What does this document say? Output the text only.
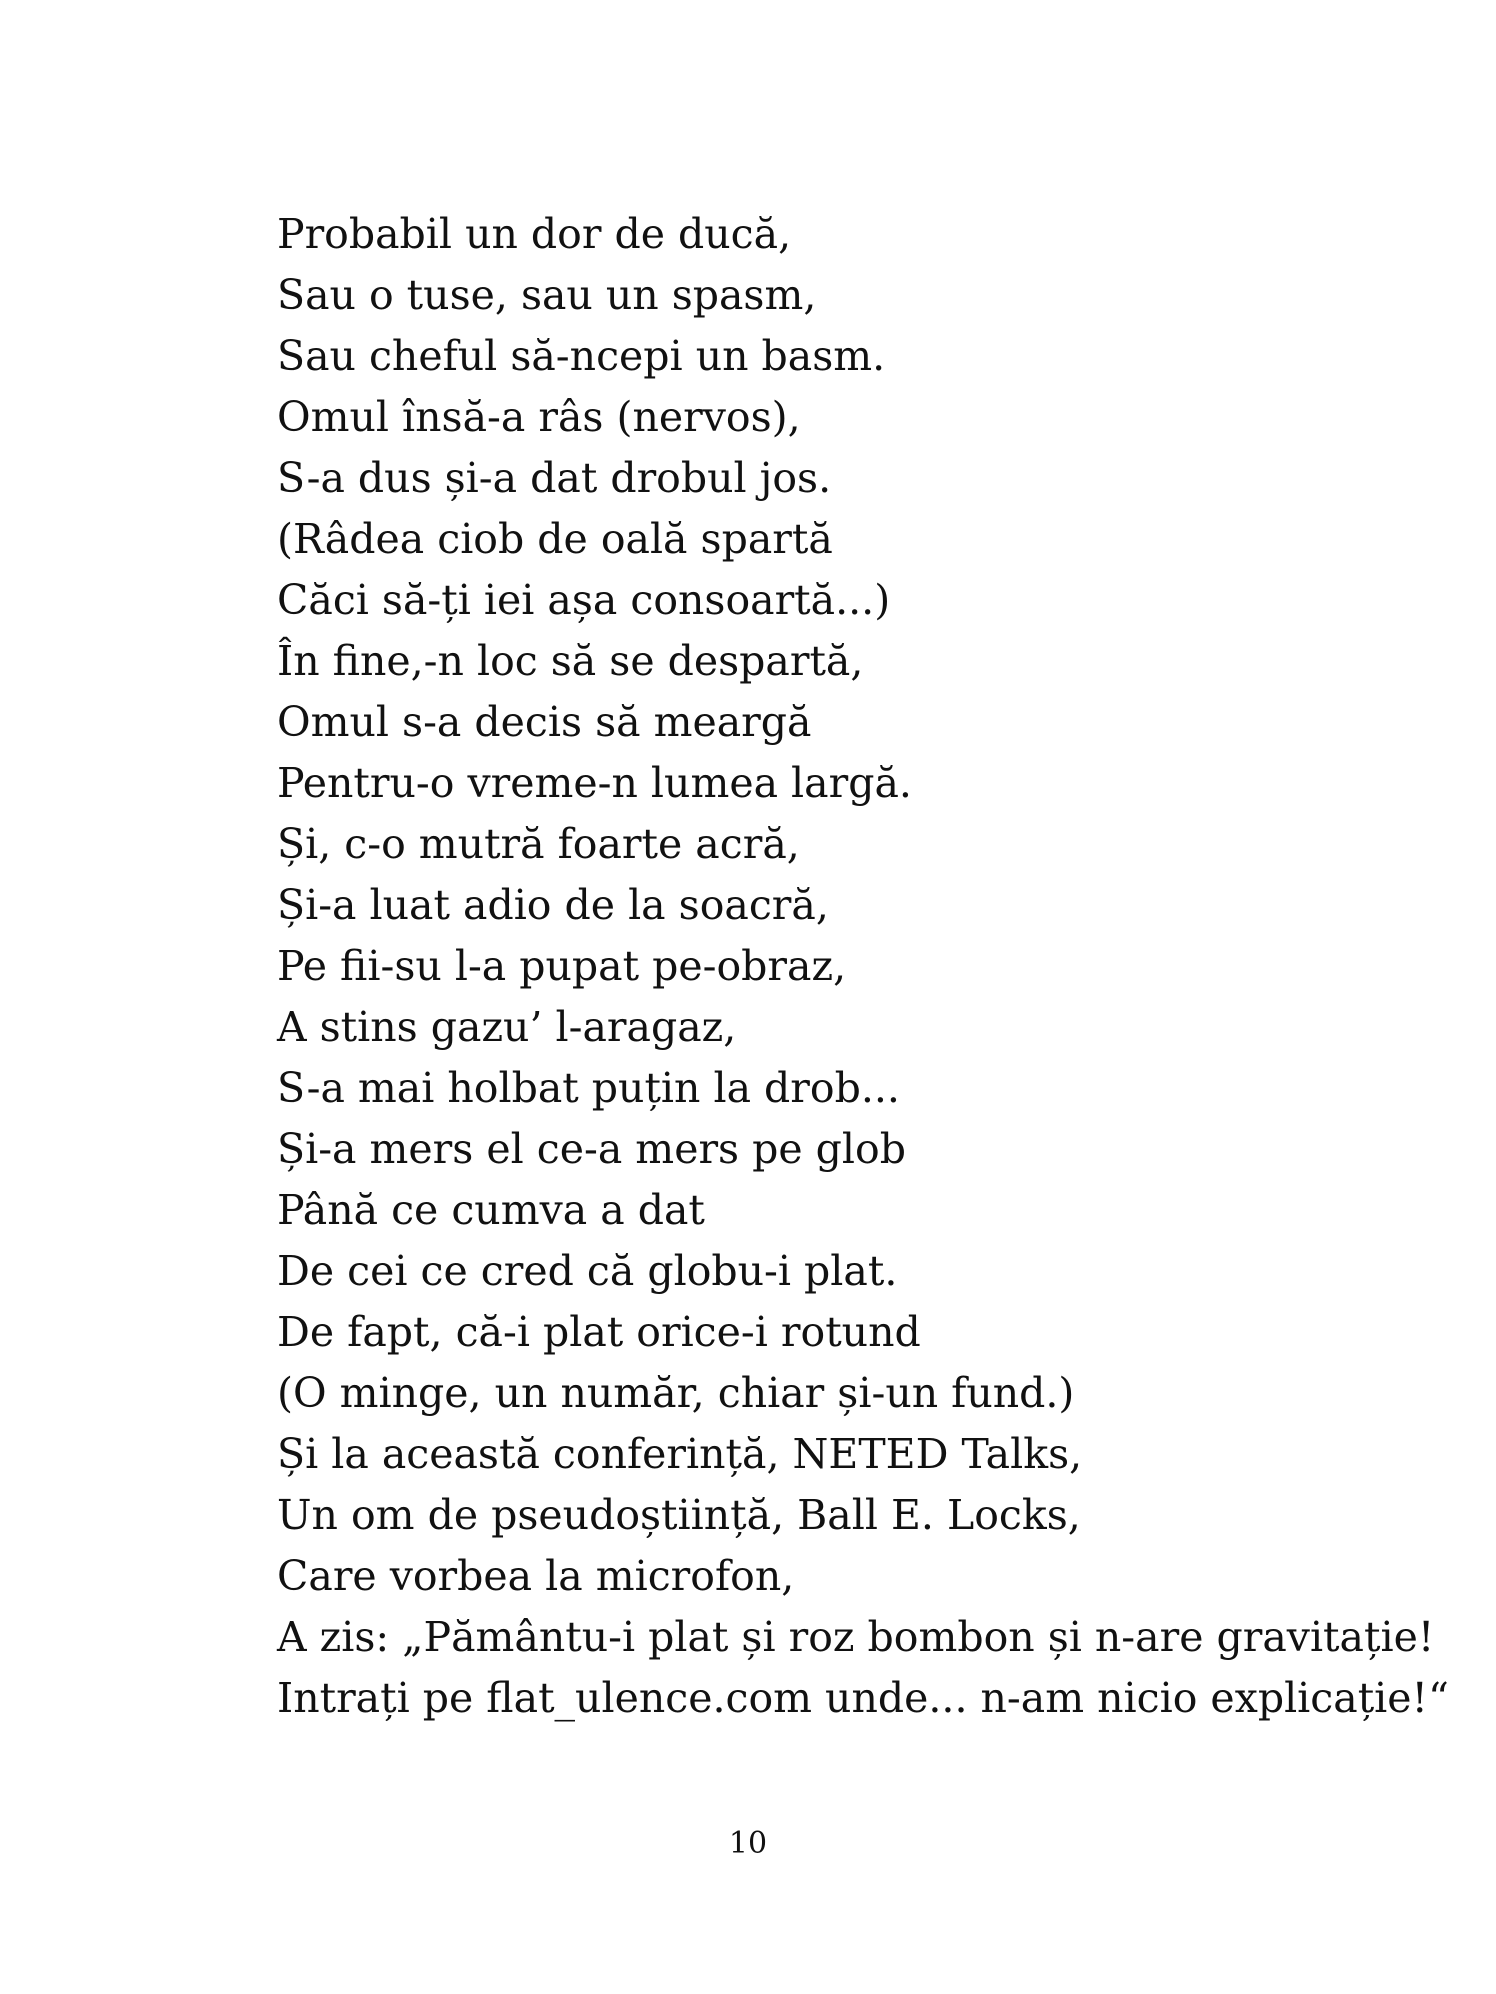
Probabil un dor de ducă,
Sau o tuse, sau un spasm,
Sau cheful să-ncepi un basm.
Omul însă-a râs (nervos),
S-a dus și-a dat drobul jos.
(Râdea ciob de oală spartă
Căci să-ți iei așa consoartă...)
În fine,-n loc să se despartă,
Omul s-a decis să meargă
Pentru-o vreme-n lumea largă.
Și, c-o mutră foarte acră,
Și-a luat adio de la soacră,
Pe fii-su l-a pupat pe-obraz,
A stins gazu’ l-aragaz,
S-a mai holbat puțin la drob...
Și-a mers el ce-a mers pe glob
Până ce cumva a dat
De cei ce cred că globu-i plat.
De fapt, că-i plat orice-i rotund
(O minge, un număr, chiar și-un fund.)
Și la această conferință, NETED Talks,
Un om de pseudoștiință, Ball E. Locks,
Care vorbea la microfon,
A zis: „Pământu-i plat și roz bombon și n-are gravitație!
Intrați pe flat_ulence.com unde... n-am nicio explicație!“
10
